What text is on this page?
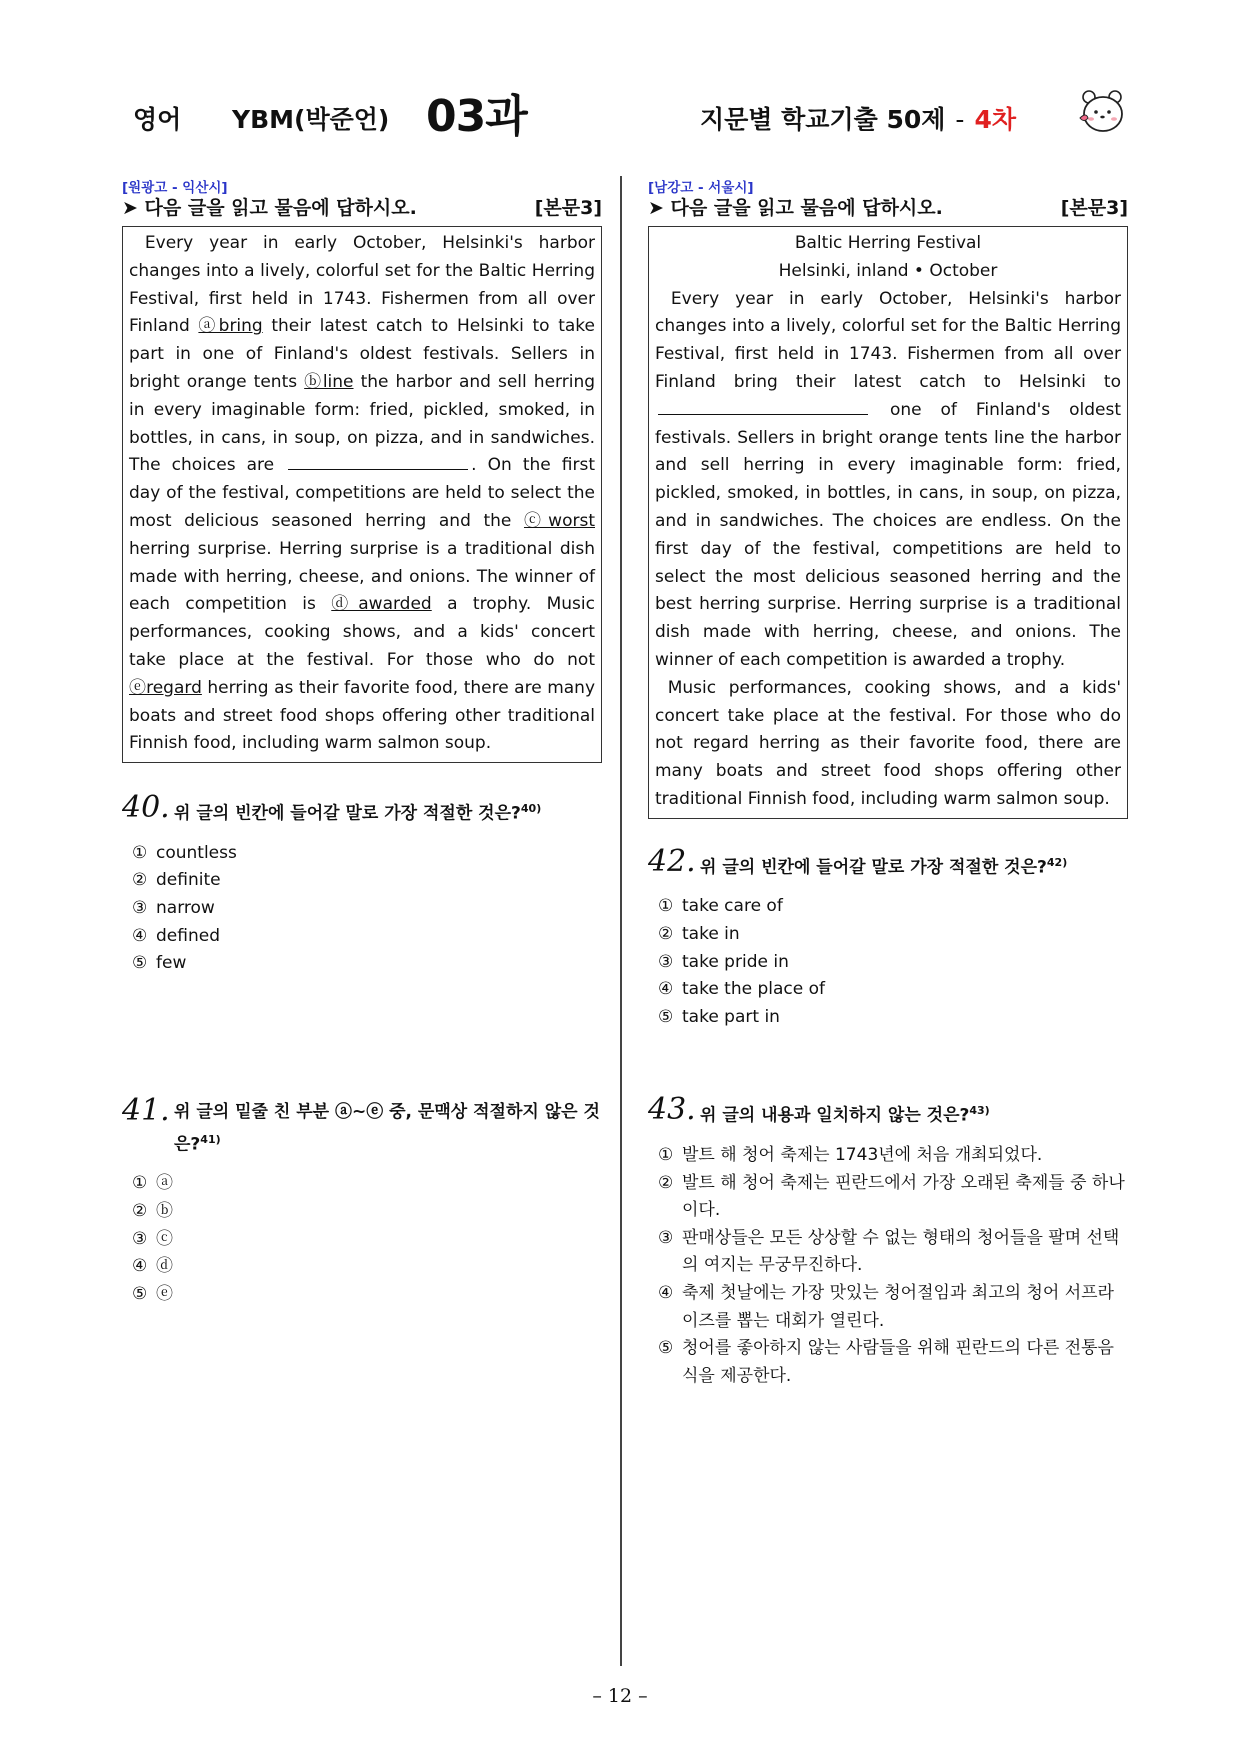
영어 YBM(박준언) 03과	지문별 학교기출 50제 - 4차
[원광고 - 익산시]
➤ 다음 글을 읽고 물음에 답하시오.	[본문3]

Every year in early October, Helsinki's harbor changes into a lively, colorful set for the Baltic Herring Festival, first held in 1743. Fishermen from all over Finland ⓐbring their latest catch to Helsinki to take part in one of Finland's oldest festivals. Sellers in bright orange tents ⓑline the harbor and sell herring in every imaginable form: fried, pickled, smoked, in bottles, in cans, in soup, on pizza, and in sandwiches. The choices are	. On the first day of the festival, competitions are held to select the most delicious seasoned herring and the ⓒworst herring surprise. Herring surprise is a traditional dish made with herring, cheese, and onions. The winner of each competition is ⓓawarded a trophy. Music performances, cooking shows, and a kids' concert take place at the festival. For those who do not ⓔregard herring as their favorite food, there are many boats and street food shops offering other traditional Finnish food, including warm salmon soup.

40. 위 글의 빈칸에 들어갈 말로 가장 적절한 것은?$^{40)}$
① countless
② definite
③ narrow
④ defined
⑤ few
41. 위 글의 밑줄 친 부분 ⓐ~ⓔ 중, 문맥상 적절하지 않은 것은?$^{41)}$
① ⓐ
② ⓑ
③ ⓒ
④ ⓓ
⑤ ⓔ
[남강고 - 서울시]
➤ 다음 글을 읽고 물음에 답하시오.	[본문3]

Baltic Herring Festival

Helsinki, inland • October

Every year in early October, Helsinki's harbor changes into a lively, colorful set for the Baltic Herring Festival, first held in 1743. Fishermen from all over Finland bring their latest catch to Helsinki to  one of Finland's oldest festivals. Sellers in bright orange tents line the harbor and sell herring in every imaginable form: fried, pickled, smoked, in bottles, in cans, in soup, on pizza, and in sandwiches. The choices are endless. On the first day of the festival, competitions are held to select the most delicious seasoned herring and the best herring surprise. Herring surprise is a traditional dish made with herring, cheese, and onions. The winner of each competition is awarded a trophy.

Music performances, cooking shows, and a kids' concert take place at the festival. For those who do not regard herring as their favorite food, there are many boats and street food shops offering other traditional Finnish food, including warm salmon soup.

42. 위 글의 빈칸에 들어갈 말로 가장 적절한 것은?$^{42)}$
① take care of
② take in
③ take pride in
④ take the place of
⑤ take part in
43. 위 글의 내용과 일치하지 않는 것은?$^{43)}$
① 발트 해 청어 축제는 1743년에 처음 개최되었다.
② 발트 해 청어 축제는 핀란드에서 가장 오래된 축제들 중 하나이다.
③ 판매상들은 모든 상상할 수 없는 형태의 청어들을 팔며 선택의 여지는 무궁무진하다.
④ 축제 첫날에는 가장 맛있는 청어절임과 최고의 청어 서프라이즈를 뽑는 대회가 열린다.
⑤ 청어를 좋아하지 않는 사람들을 위해 핀란드의 다른 전통음식을 제공한다.
– 12 –
